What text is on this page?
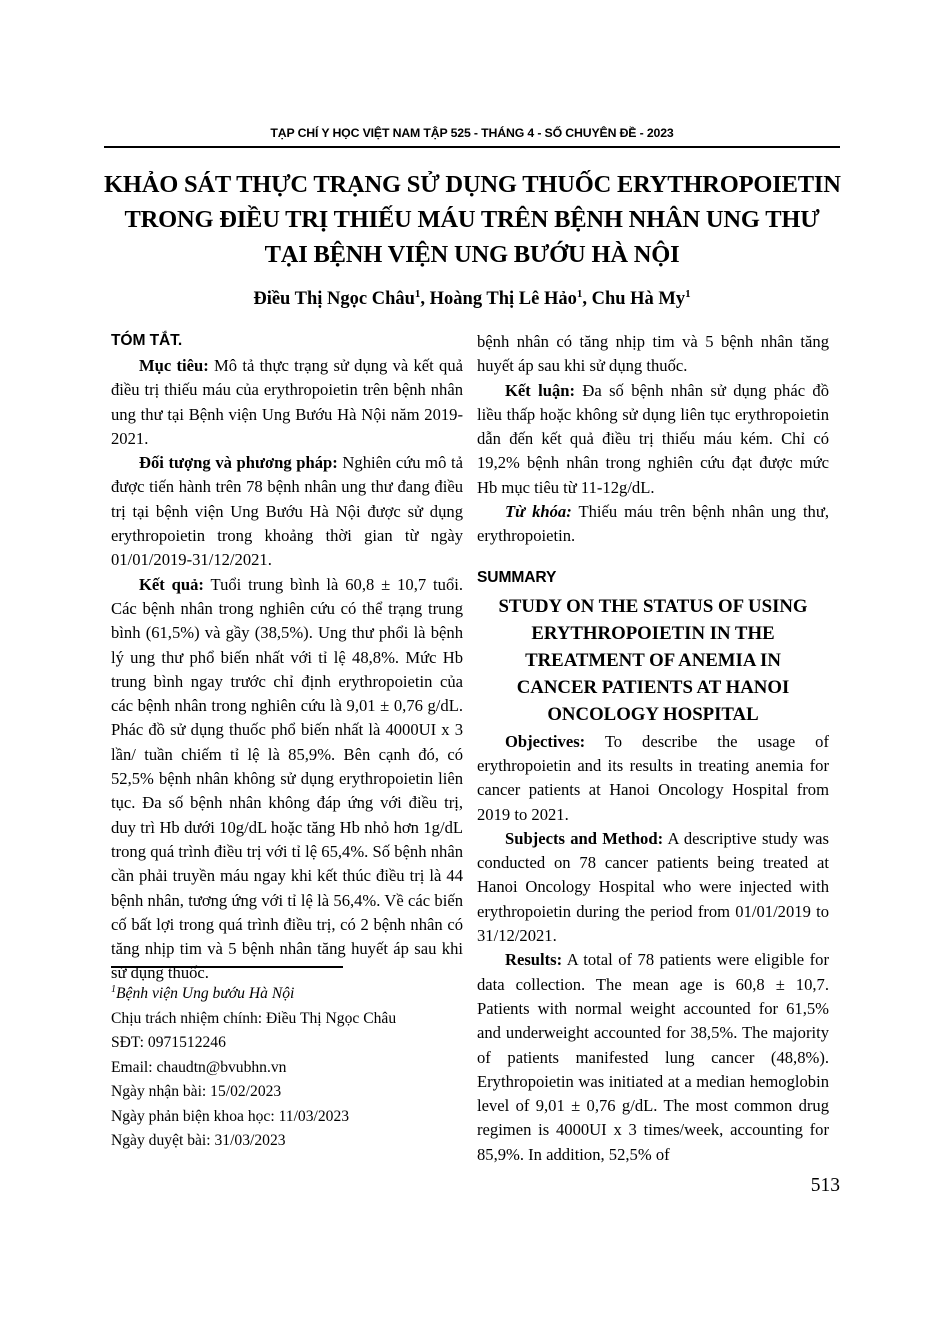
TẠP CHÍ Y HỌC VIỆT NAM TẬP 525 - THÁNG 4 - SỐ CHUYÊN ĐỀ - 2023
KHẢO SÁT THỰC TRẠNG SỬ DỤNG THUỐC ERYTHROPOIETIN
TRONG ĐIỀU TRỊ THIẾU MÁU TRÊN BỆNH NHÂN UNG THƯ
TẠI BỆNH VIỆN UNG BƯỚU HÀ NỘI
Điều Thị Ngọc Châu$^1$, Hoàng Thị Lê Hảo$^1$, Chu Hà My$^1$
TÓM TẮT.

Mục tiêu: Mô tả thực trạng sử dụng và kết quả điều trị thiếu máu của erythropoietin trên bệnh nhân ung thư tại Bệnh viện Ung Bướu Hà Nội năm 2019-2021.

Đối tượng và phương pháp: Nghiên cứu mô tả được tiến hành trên 78 bệnh nhân ung thư đang điều trị tại bệnh viện Ung Bướu Hà Nội được sử dụng erythropoietin trong khoảng thời gian từ ngày 01/01/2019-31/12/2021.

Kết quả: Tuổi trung bình là 60,8 ± 10,7 tuổi. Các bệnh nhân trong nghiên cứu có thể trạng trung bình (61,5%) và gầy (38,5%). Ung thư phổi là bệnh lý ung thư phổ biến nhất với tỉ lệ 48,8%. Mức Hb trung bình ngay trước chỉ định erythropoietin của các bệnh nhân trong nghiên cứu là 9,01 ± 0,76 g/dL. Phác đồ sử dụng thuốc phổ biến nhất là 4000UI x 3 lần/ tuần chiếm tỉ lệ là 85,9%. Bên cạnh đó, có 52,5% bệnh nhân không sử dụng erythropoietin liên tục. Đa số bệnh nhân không đáp ứng với điều trị, duy trì Hb dưới 10g/dL hoặc tăng Hb nhỏ hơn 1g/dL trong quá trình điều trị với tỉ lệ 65,4%. Số bệnh nhân cần phải truyền máu ngay khi kết thúc điều trị là 44 bệnh nhân, tương ứng với tỉ lệ là 56,4%. Về các biến cố bất lợi trong quá trình điều trị, có 2 bệnh nhân có tăng nhịp tim và 5 bệnh nhân tăng huyết áp sau khi sử dụng thuốc.

bệnh nhân có tăng nhịp tim và 5 bệnh nhân tăng huyết áp sau khi sử dụng thuốc.

Kết luận: Đa số bệnh nhân sử dụng phác đồ liều thấp hoặc không sử dụng liên tục erythropoietin dẫn đến kết quả điều trị thiếu máu kém. Chỉ có 19,2% bệnh nhân trong nghiên cứu đạt được mức Hb mục tiêu từ 11-12g/dL.

Từ khóa: Thiếu máu trên bệnh nhân ung thư, erythropoietin.

SUMMARY
STUDY ON THE STATUS OF USING
ERYTHROPOIETIN IN THE
TREATMENT OF ANEMIA IN
CANCER PATIENTS AT HANOI
ONCOLOGY HOSPITAL

Objectives: To describe the usage of erythropoietin and its results in treating anemia for cancer patients at Hanoi Oncology Hospital from 2019 to 2021.

Subjects and Method: A descriptive study was conducted on 78 cancer patients being treated at Hanoi Oncology Hospital who were injected with erythropoietin during the period from 01/01/2019 to 31/12/2021.

Results: A total of 78 patients were eligible for data collection. The mean age is 60,8 ± 10,7. Patients with normal weight accounted for 61,5% and underweight accounted for 38,5%. The majority of patients manifested lung cancer (48,8%). Erythropoietin was initiated at a median hemoglobin level of 9,01 ± 0,76 g/dL. The most common drug regimen is 4000UI x 3 times/week, accounting for 85,9%. In addition, 52,5% of

$^1$Bệnh viện Ung bướu Hà Nội
Chịu trách nhiệm chính: Điều Thị Ngọc Châu
SĐT: 0971512246
Email: chaudtn@bvubhn.vn
Ngày nhận bài: 15/02/2023
Ngày phản biện khoa học: 11/03/2023
Ngày duyệt bài: 31/03/2023
513
